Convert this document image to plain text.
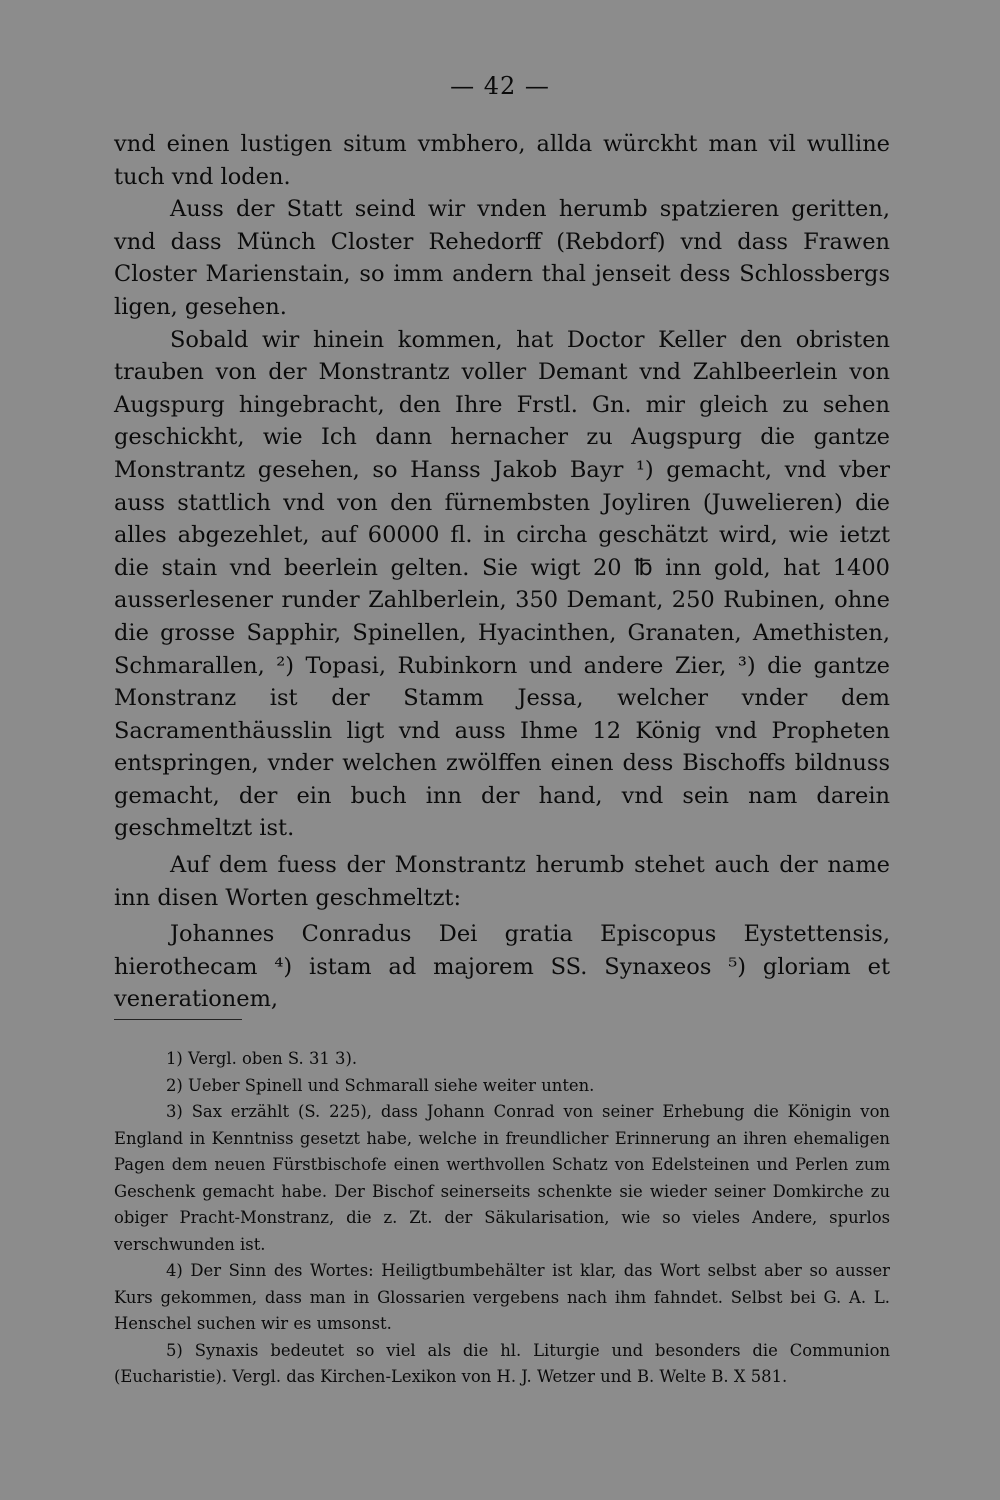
— 42 —

vnd einen lustigen situm vmbhero, allda würckht man vil wulline tuch vnd loden.

Auss der Statt seind wir vnden herumb spatzieren geritten, vnd dass Münch Closter Rehedorff (Rebdorf) vnd dass Frawen Closter Marienstain, so imm andern thal jenseit dess Schlossbergs ligen, gesehen.

Sobald wir hinein kommen, hat Doctor Keller den obristen trauben von der Monstrantz voller Demant vnd Zahlbeerlein von Augspurg hingebracht, den Ihre Frstl. Gn. mir gleich zu sehen geschickht, wie Ich dann hernacher zu Augspurg die gantze Monstrantz gesehen, so Hanss Jakob Bayr ¹) gemacht, vnd vber auss stattlich vnd von den fürnembsten Joyliren (Juwelieren) die alles abgezehlet, auf 60000 fl. in circha geschätzt wird, wie ietzt die stain vnd beerlein gelten. Sie wigt 20 ℔ inn gold, hat 1400 ausserlesener runder Zahlberlein, 350 Demant, 250 Rubinen, ohne die grosse Sapphir, Spinellen, Hyacinthen, Granaten, Amethisten, Schmarallen, ²) Topasi, Rubinkorn und andere Zier, ³) die gantze Monstranz ist der Stamm Jessa, welcher vnder dem Sacramenthäusslin ligt vnd auss Ihme 12 König vnd Propheten entspringen, vnder welchen zwölffen einen dess Bischoffs bildnuss gemacht, der ein buch inn der hand, vnd sein nam darein geschmeltzt ist.

Auf dem fuess der Monstrantz herumb stehet auch der name inn disen Worten geschmeltzt:

Johannes Conradus Dei gratia Episcopus Eystettensis, hierothecam ⁴) istam ad majorem SS. Synaxeos ⁵) gloriam et venerationem,

1) Vergl. oben S. 31 3).

2) Ueber Spinell und Schmarall siehe weiter unten.

3) Sax erzählt (S. 225), dass Johann Conrad von seiner Erhebung die Königin von England in Kenntniss gesetzt habe, welche in freundlicher Erinnerung an ihren ehemaligen Pagen dem neuen Fürstbischofe einen werthvollen Schatz von Edelsteinen und Perlen zum Geschenk gemacht habe. Der Bischof seinerseits schenkte sie wieder seiner Domkirche zu obiger Pracht-Monstranz, die z. Zt. der Säkularisation, wie so vieles Andere, spurlos verschwunden ist.

4) Der Sinn des Wortes: Heiligtbumbehälter ist klar, das Wort selbst aber so ausser Kurs gekommen, dass man in Glossarien vergebens nach ihm fahndet. Selbst bei G. A. L. Henschel suchen wir es umsonst.

5) Synaxis bedeutet so viel als die hl. Liturgie und besonders die Communion (Eucharistie). Vergl. das Kirchen-Lexikon von H. J. Wetzer und B. Welte B. X 581.
